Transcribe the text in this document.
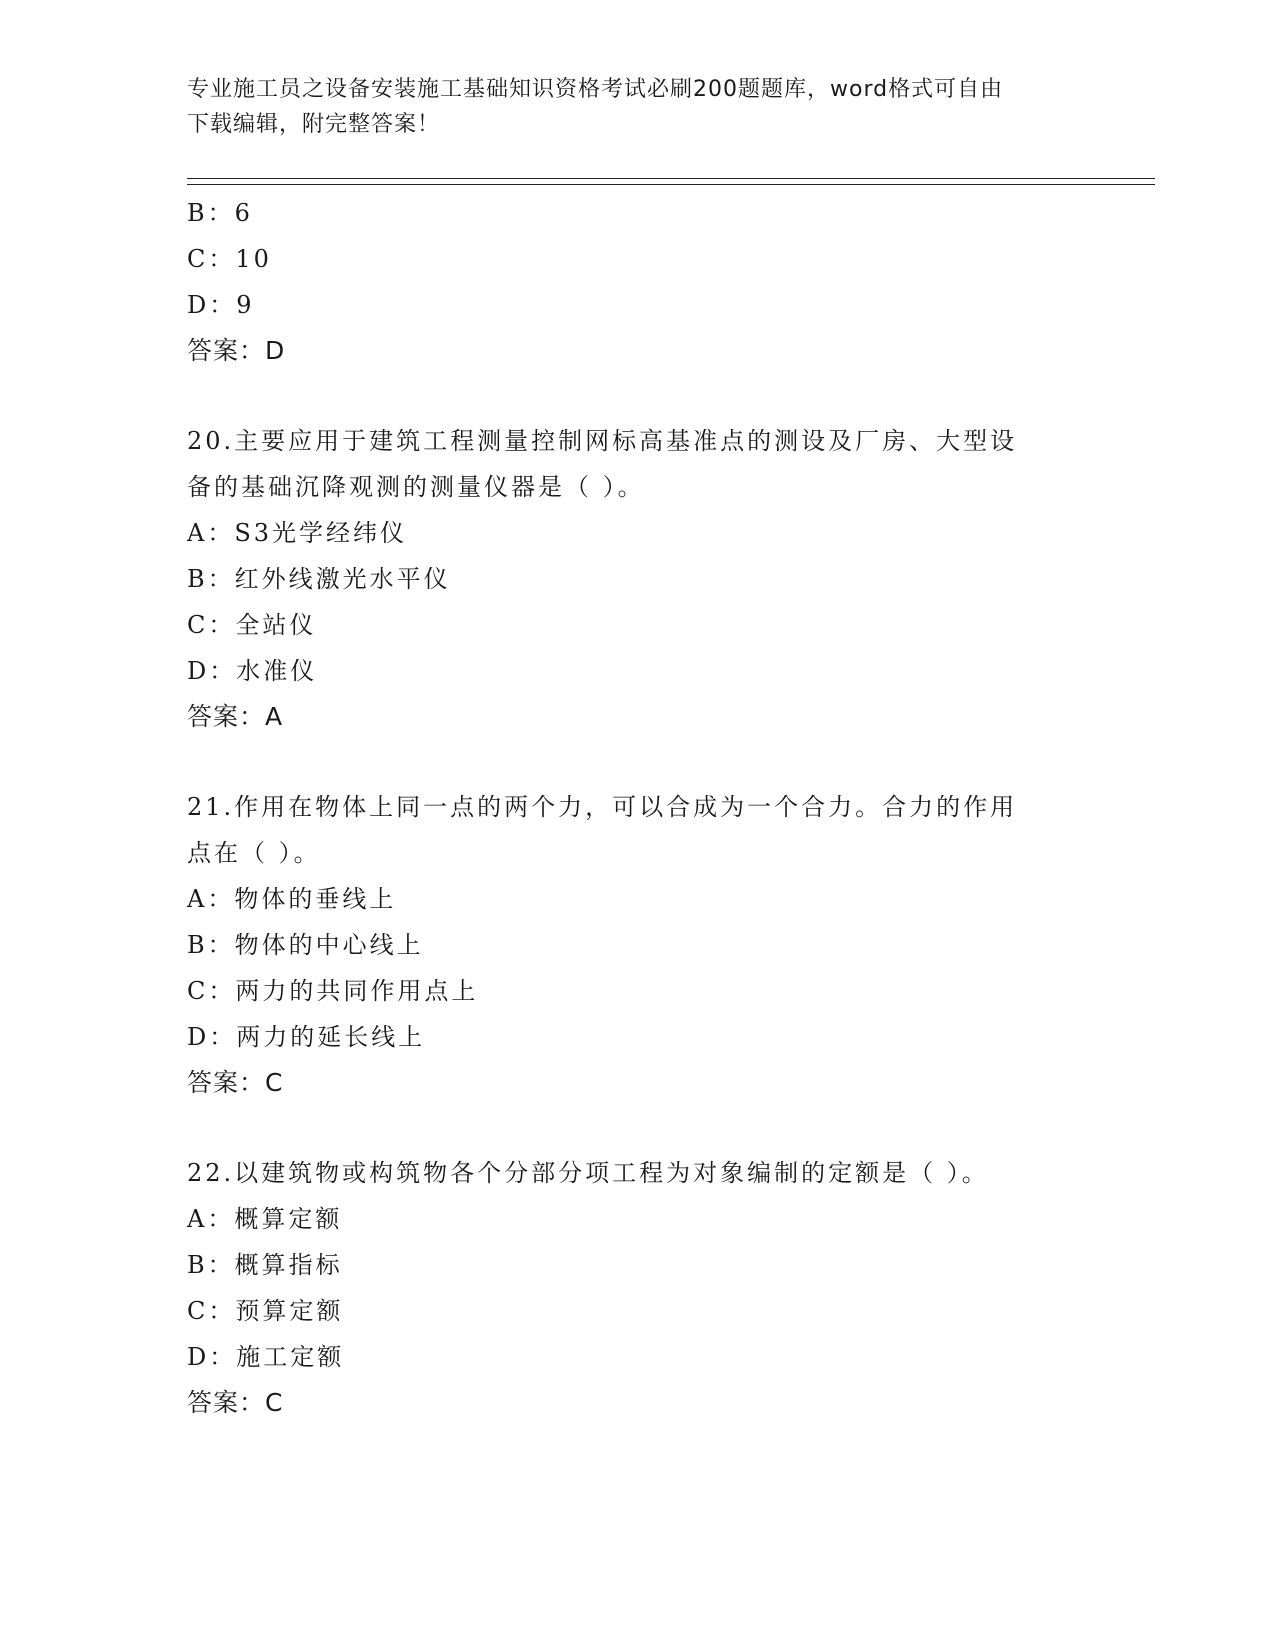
专业施工员之设备安装施工基础知识资格考试必刷200题题库，word格式可自由
下载编辑，附完整答案！
B：6
C：10
D：9
答案：D
20.主要应用于建筑工程测量控制网标高基准点的测设及厂房、大型设
备的基础沉降观测的测量仪器是（ ）。
A：S3光学经纬仪
B：红外线激光水平仪
C：全站仪
D：水准仪
答案：A
21.作用在物体上同一点的两个力，可以合成为一个合力。合力的作用
点在（ ）。
A：物体的垂线上
B：物体的中心线上
C：两力的共同作用点上
D：两力的延长线上
答案：C
22.以建筑物或构筑物各个分部分项工程为对象编制的定额是（ ）。
A：概算定额
B：概算指标
C：预算定额
D：施工定额
答案：C
